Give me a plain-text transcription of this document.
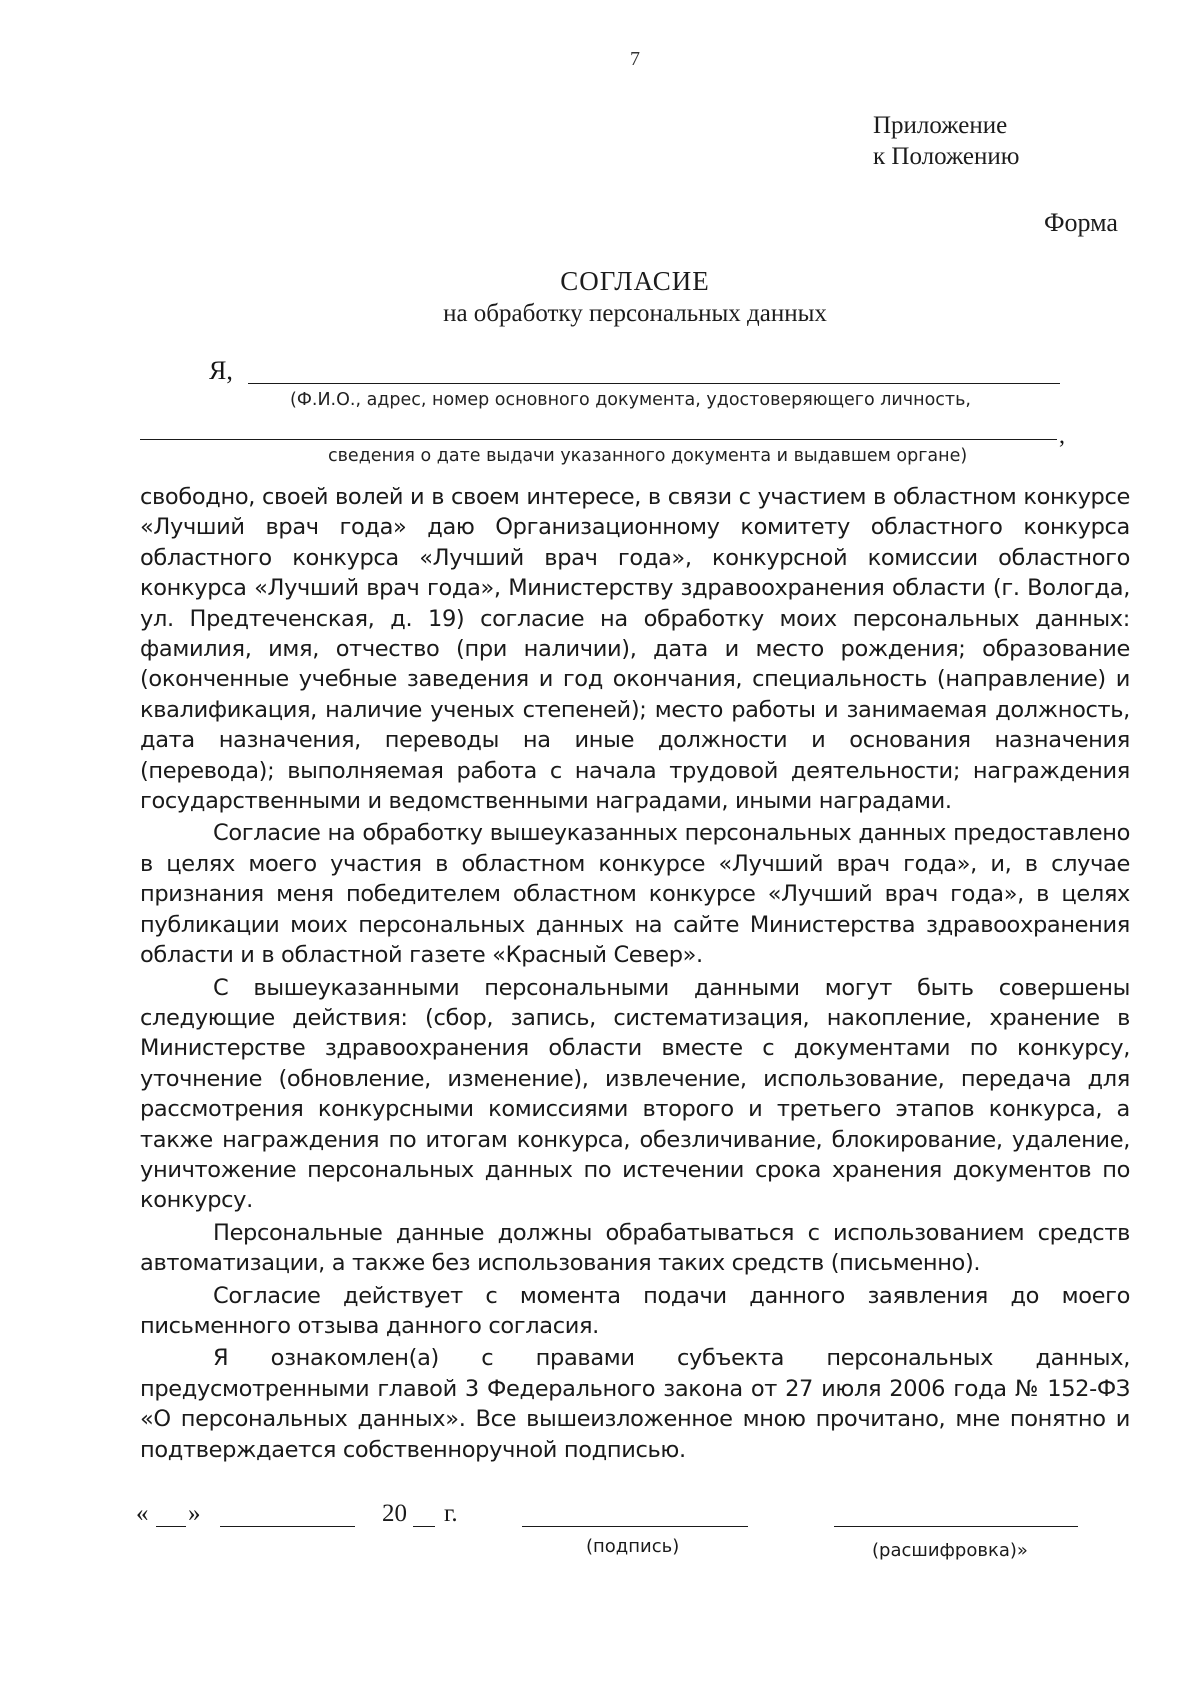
7
Приложение
к Положению
Форма
СОГЛАСИЕ
на обработку персональных данных
Я,
(Ф.И.О., адрес, номер основного документа, удостоверяющего личность,
,
сведения о дате выдачи указанного документа и выдавшем органе)

свободно, своей волей и в своем интересе, в связи с участием в областном конкурсе «Лучший врач года» даю Организационному комитету областного конкурса областного конкурса «Лучший врач года», конкурсной комиссии областного конкурса «Лучший врач года», Министерству здравоохранения области (г. Вологда, ул. Предтеченская, д. 19) согласие на обработку моих персональных данных: фамилия, имя, отчество (при наличии), дата и место рождения; образование (оконченные учебные заведения и год окончания, специальность (направление) и квалификация, наличие ученых степеней); место работы и занимаемая должность, дата назначения, переводы на иные должности и основания назначения (перевода); выполняемая работа с начала трудовой деятельности; награждения государственными и ведомственными наградами, иными наградами.

Согласие на обработку вышеуказанных персональных данных предоставлено в целях моего участия в областном конкурсе «Лучший врач года», и, в случае признания меня победителем областном конкурсе «Лучший врач года», в целях публикации моих персональных данных на сайте Министерства здравоохранения области и в областной газете «Красный Север».

С вышеуказанными персональными данными могут быть совершены следующие действия: (сбор, запись, систематизация, накопление, хранение в Министерстве здравоохранения области вместе с документами по конкурсу, уточнение (обновление, изменение), извлечение, использование, передача для рассмотрения конкурсными комиссиями второго и третьего этапов конкурса, а также награждения по итогам конкурса, обезличивание, блокирование, удаление, уничтожение персональных данных по истечении срока хранения документов по конкурсу.

Персональные данные должны обрабатываться с использованием средств автоматизации, а также без использования таких средств (письменно).

Согласие действует с момента подачи данного заявления до моего письменного отзыва данного согласия.

Я ознакомлен(а) с правами субъекта персональных данных, предусмотренными главой 3 Федерального закона от 27 июля 2006 года № 152-ФЗ «О персональных данных». Все вышеизложенное мною прочитано, мне понятно и подтверждается собственноручной подписью.

« »	20 г.
(подпись)	(расшифровка)»
